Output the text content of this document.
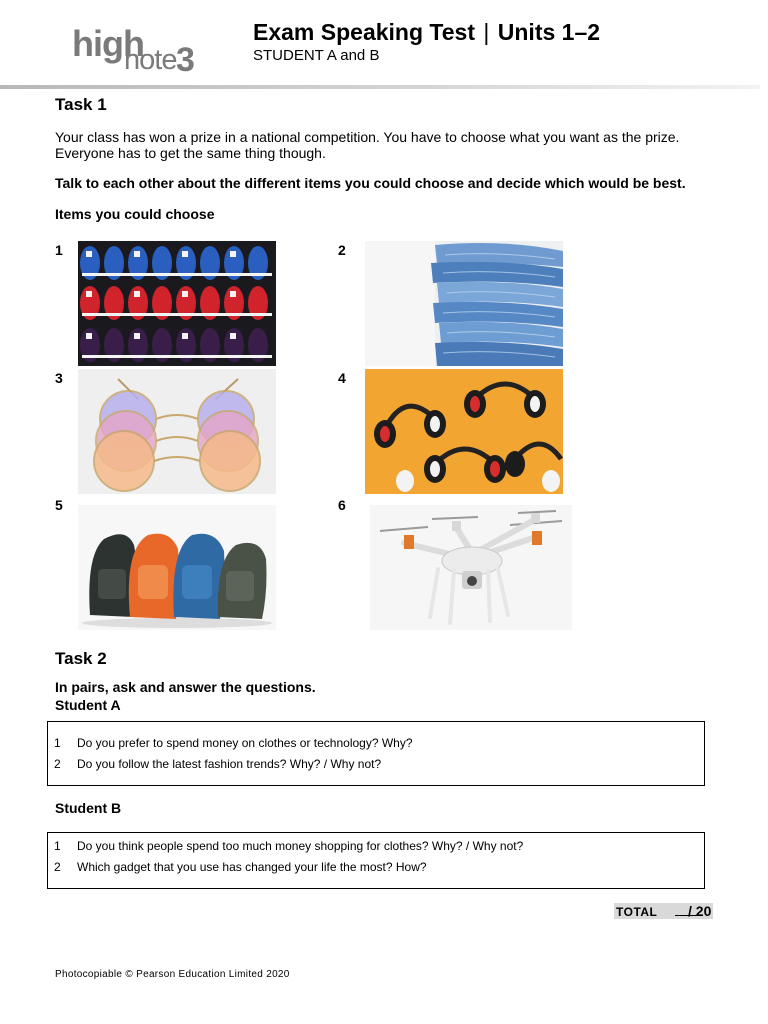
high
note 3
Exam Speaking Test | Units 1–2
STUDENT A and B
Task 1
Your class has won a prize in a national competition. You have to choose what you want as the prize. Everyone has to get the same thing though.
Talk to each other about the different items you could choose and decide which would be best.
Items you could choose
1	2
3	4
5	6
Task 2
In pairs, ask and answer the questions.
Student A
1 Do you prefer to spend money on clothes or technology? Why?
2 Do you follow the latest fashion trends? Why? / Why not?
Student B
1 Do you think people spend too much money shopping for clothes? Why? / Why not?
2 Which gadget that you use has changed your life the most? How?
TOTAL / 20
Photocopiable © Pearson Education Limited 2020
